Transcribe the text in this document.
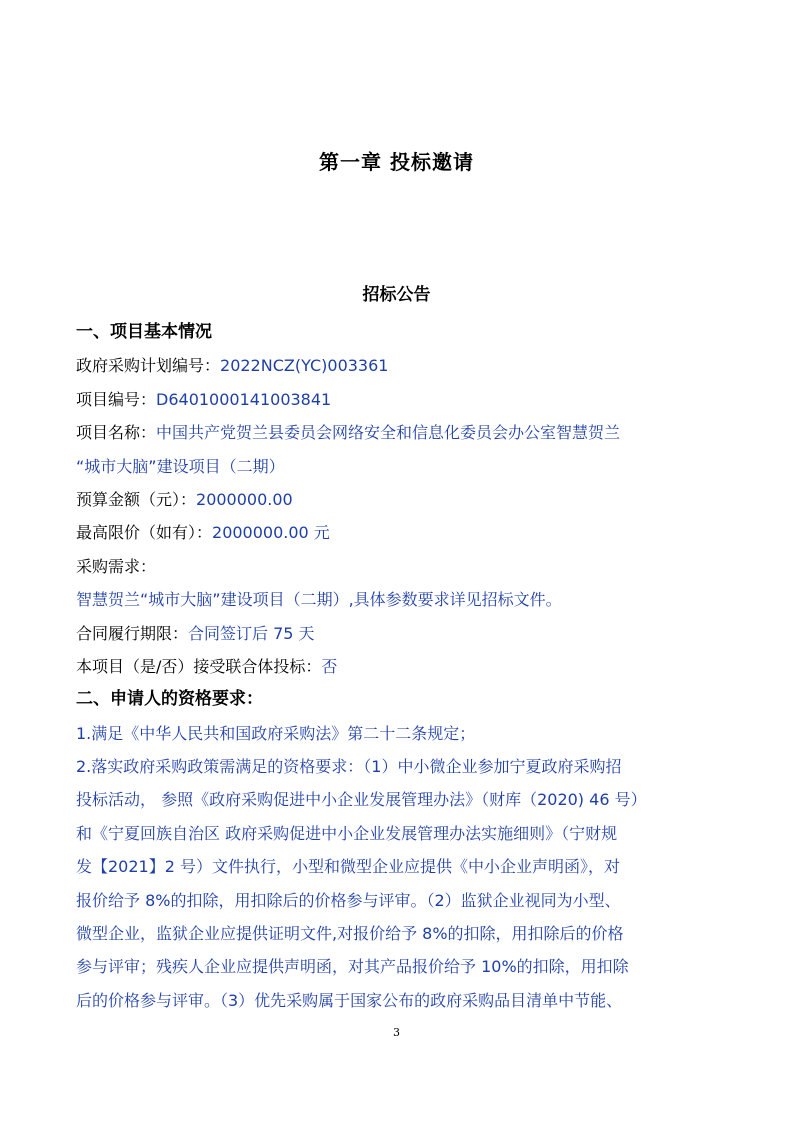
第一章 投标邀请
招标公告
一、项目基本情况
政府采购计划编号：2022NCZ(YC)003361
项目编号：D6401000141003841
项目名称：中国共产党贺兰县委员会网络安全和信息化委员会办公室智慧贺兰
“城市大脑”建设项目（二期）
预算金额（元）：2000000.00
最高限价（如有）：2000000.00 元
采购需求：
智慧贺兰“城市大脑”建设项目（二期）,具体参数要求详见招标文件。
合同履行期限：合同签订后 75 天
本项目（是/否）接受联合体投标：否
二、申请人的资格要求：
1.满足《中华人民共和国政府采购法》第二十二条规定；
2.落实政府采购政策需满足的资格要求：（1）中小微企业参加宁夏政府采购招
投标活动， 参照《政府采购促进中小企业发展管理办法》（财库（2020) 46 号）
和《宁夏回族自治区 政府采购促进中小企业发展管理办法实施细则》（宁财规
发【2021】2 号）文件执行，小型和微型企业应提供《中小企业声明函》，对
报价给予 8%的扣除，用扣除后的价格参与评审。（2）监狱企业视同为小型、
微型企业，监狱企业应提供证明文件,对报价给予 8%的扣除，用扣除后的价格
参与评审；残疾人企业应提供声明函，对其产品报价给予 10%的扣除，用扣除
后的价格参与评审。（3）优先采购属于国家公布的政府采购品目清单中节能、
3
